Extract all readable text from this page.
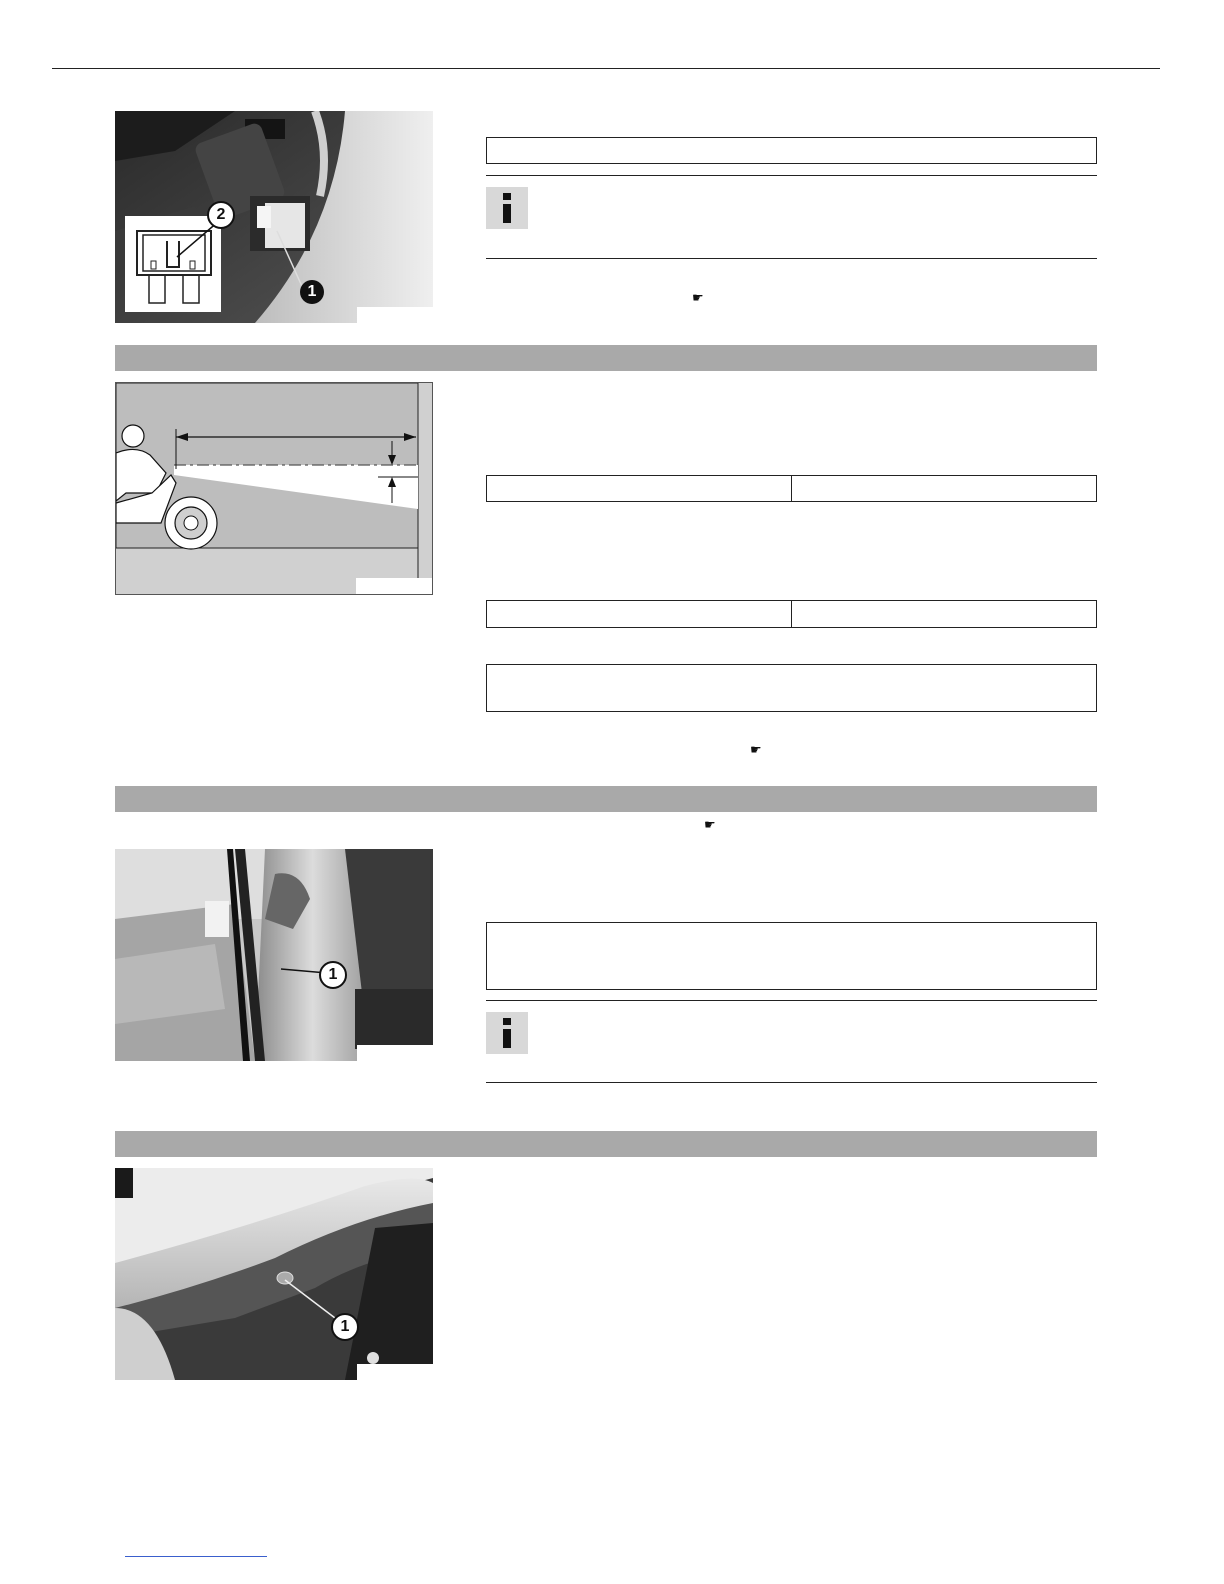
2
1	☛
☛
☛
1
1
